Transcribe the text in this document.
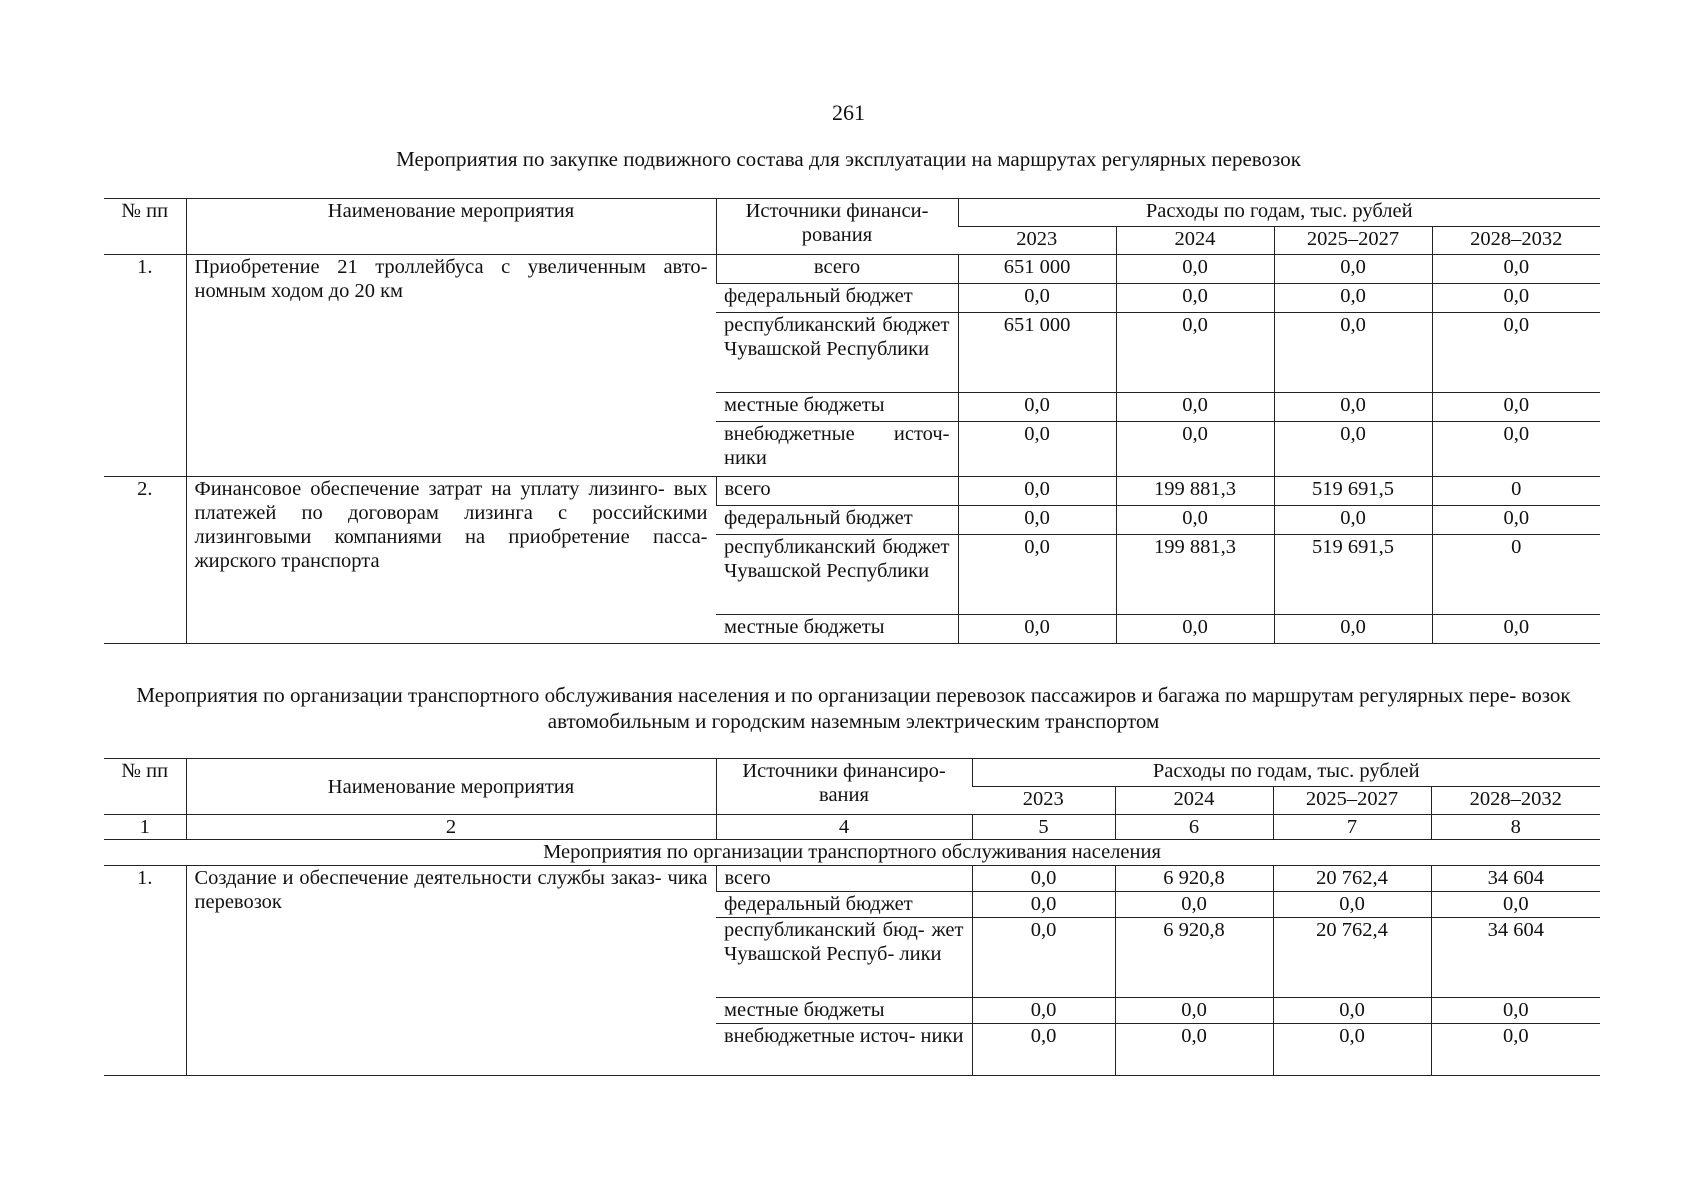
261
Мероприятия по закупке подвижного состава для эксплуатации на маршрутах регулярных перевозок
№ пп	Наименование мероприятия	Источники финанси- рования	Расходы по годам, тыс. рублей			
			2023	2024	2025–2027	2028–2032
1.	Приобретение 21 троллейбуса с увеличенным авто- номным ходом до 20 км	всего	651 000	0,0	0,0	0,0
		федеральный бюджет	0,0	0,0	0,0	0,0
		республиканский бюджет Чувашской Республики	651 000	0,0	0,0	0,0
		местные бюджеты	0,0	0,0	0,0	0,0
		внебюджетные источ- ники	0,0	0,0	0,0	0,0
2.	Финансовое обеспечение затрат на уплату лизинго- вых платежей по договорам лизинга с российскими лизинговыми компаниями на приобретение пасса- жирского транспорта	всего	0,0	199 881,3	519 691,5	0
		федеральный бюджет	0,0	0,0	0,0	0,0
		республиканский бюджет Чувашской Республики	0,0	199 881,3	519 691,5	0
		местные бюджеты	0,0	0,0	0,0	0,0
Мероприятия по организации транспортного обслуживания населения и по организации перевозок пассажиров и багажа по маршрутам регулярных пере- возок автомобильным и городским наземным электрическим транспортом
№ пп	Наименование мероприятия	Источники финансиро- вания	Расходы по годам, тыс. рублей			
			2023	2024	2025–2027	2028–2032
1	2	4	5	6	7	8
Мероприятия по организации транспортного обслуживания населения						
1.	Создание и обеспечение деятельности службы заказ- чика перевозок	всего	0,0	6 920,8	20 762,4	34 604
		федеральный бюджет	0,0	0,0	0,0	0,0
		республиканский бюд- жет Чувашской Респуб- лики	0,0	6 920,8	20 762,4	34 604
		местные бюджеты	0,0	0,0	0,0	0,0
		внебюджетные источ- ники	0,0	0,0	0,0	0,0
